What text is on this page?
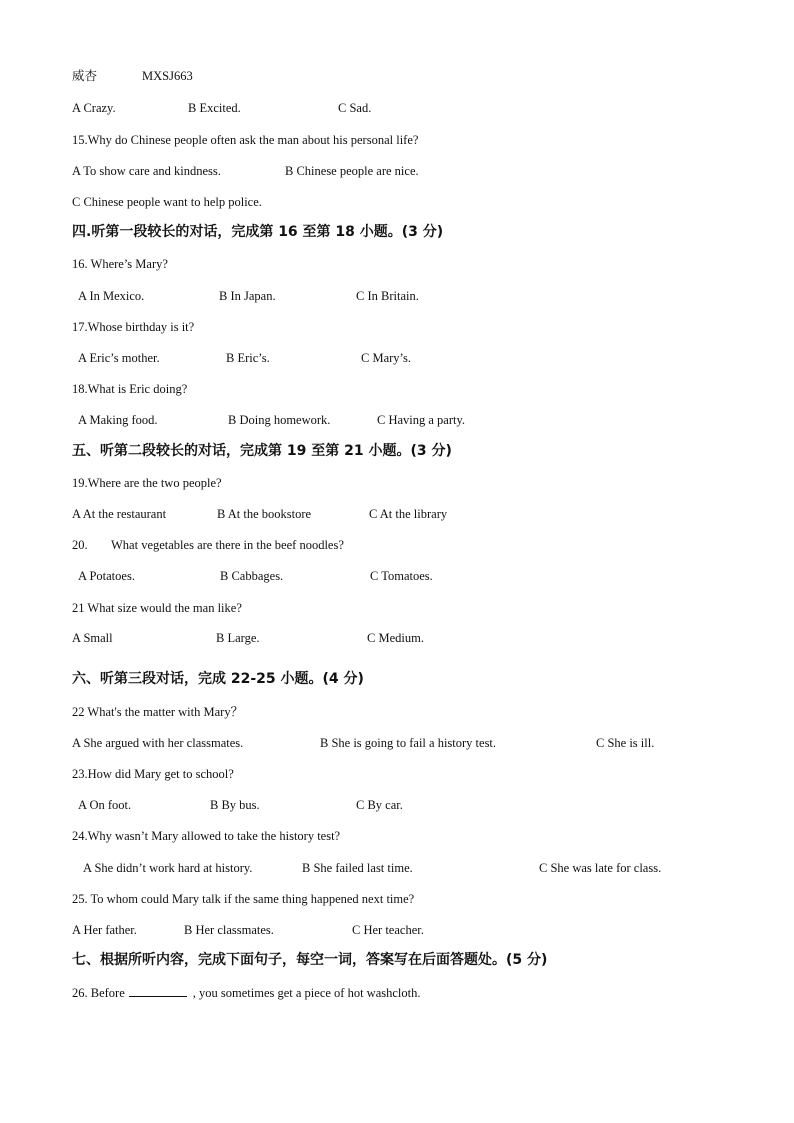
威杏	MXSJ663
A Crazy.	B Excited.	C Sad.
15.Why do Chinese people often ask the man about his personal life?
A To show care and kindness.	B Chinese people are nice.
C Chinese people want to help police.
四.听第一段较长的对话，完成第 16 至第 18 小题。(3 分)
16. Where’s Mary?
A In Mexico.	B In Japan.	C In Britain.
17.Whose birthday is it?
A Eric’s mother.	B Eric’s.	C Mary’s.
18.What is Eric doing?
A Making food.	B Doing homework.	C Having a party.
五、听第二段较长的对话，完成第 19 至第 21 小题。(3 分)
19.Where are the two people?
A At the restaurant	B At the bookstore	C At the library
20. What vegetables are there in the beef noodles?
A Potatoes.	B Cabbages.	C Tomatoes.
21 What size would the man like?
A Small	B Large.	C Medium.
六、听第三段对话，完成 22-25 小题。(4 分)
22 What's the matter with Mary？
A She argued with her classmates.	B She is going to fail a history test.	C She is ill.
23.How did Mary get to school?
A On foot.	B By bus.	C By car.
24.Why wasn’t Mary allowed to take the history test?
A She didn’t work hard at history.	B She failed last time.	C She was late for class.
25. To whom could Mary talk if the same thing happened next time?
A Her father.	B Her classmates.	C Her teacher.
七、根据所听内容，完成下面句子，每空一词，答案写在后面答题处。(5 分)
26. Before	, you sometimes get a piece of hot washcloth.
